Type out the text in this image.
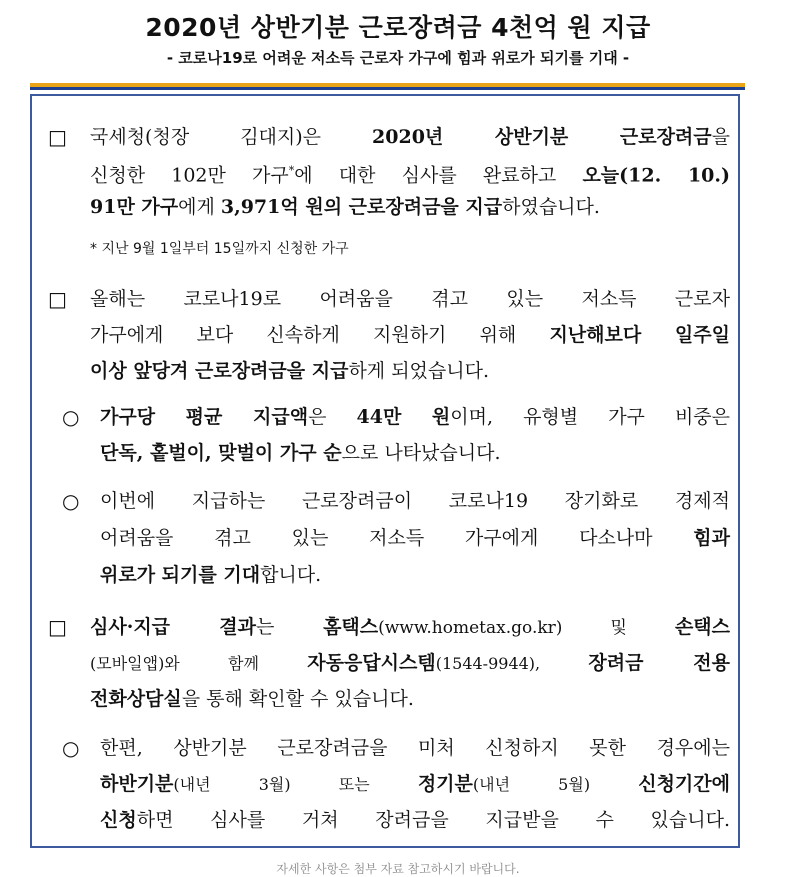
2020년 상반기분 근로장려금 4천억 원 지급
- 코로나19로 어려운 저소득 근로자 가구에 힘과 위로가 되기를 기대 -
□ 국세청(청장 김대지)은 2020년 상반기분 근로장려금을
신청한 102만 가구*에 대한 심사를 완료하고 오늘(12. 10.)
91만 가구에게 3,971억 원의 근로장려금을 지급하였습니다.
* 지난 9월 1일부터 15일까지 신청한 가구
□ 올해는 코로나19로 어려움을 겪고 있는 저소득 근로자
가구에게 보다 신속하게 지원하기 위해 지난해보다 일주일
이상 앞당겨 근로장려금을 지급하게 되었습니다.
○ 가구당 평균 지급액은 44만 원이며, 유형별 가구 비중은
단독, 홑벌이, 맞벌이 가구 순으로 나타났습니다.
○ 이번에 지급하는 근로장려금이 코로나19 장기화로 경제적
어려움을 겪고 있는 저소득 가구에게 다소나마 힘과
위로가 되기를 기대합니다.
□ 심사·지급 결과는 홈택스(www.hometax.go.kr) 및 손택스
(모바일앱)와 함께 자동응답시스템(1544-9944), 장려금 전용
전화상담실을 통해 확인할 수 있습니다.
○ 한편, 상반기분 근로장려금을 미처 신청하지 못한 경우에는
하반기분(내년 3월) 또는 정기분(내년 5월) 신청기간에
신청하면 심사를 거쳐 장려금을 지급받을 수 있습니다.
자세한 사항은 첨부 자료 참고하시기 바랍니다.
